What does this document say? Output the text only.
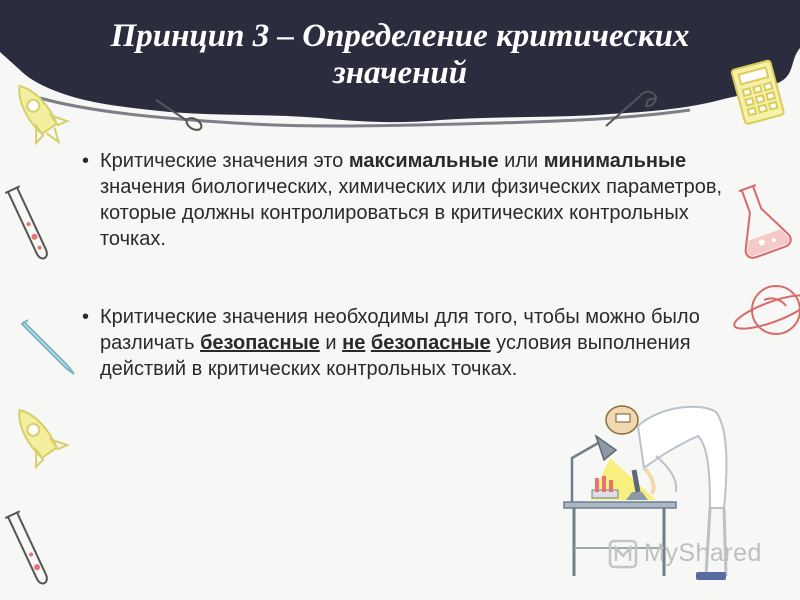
Принцип 3 – Определение критических значений
• Критические значения это максимальные или минимальные значения биологических, химических или физических параметров, которые должны контролироваться в критических контрольных точках.
• Критические значения необходимы для того, чтобы можно было различать безопасные и не безопасные условия выполнения действий в критических контрольных точках.
MyShared
